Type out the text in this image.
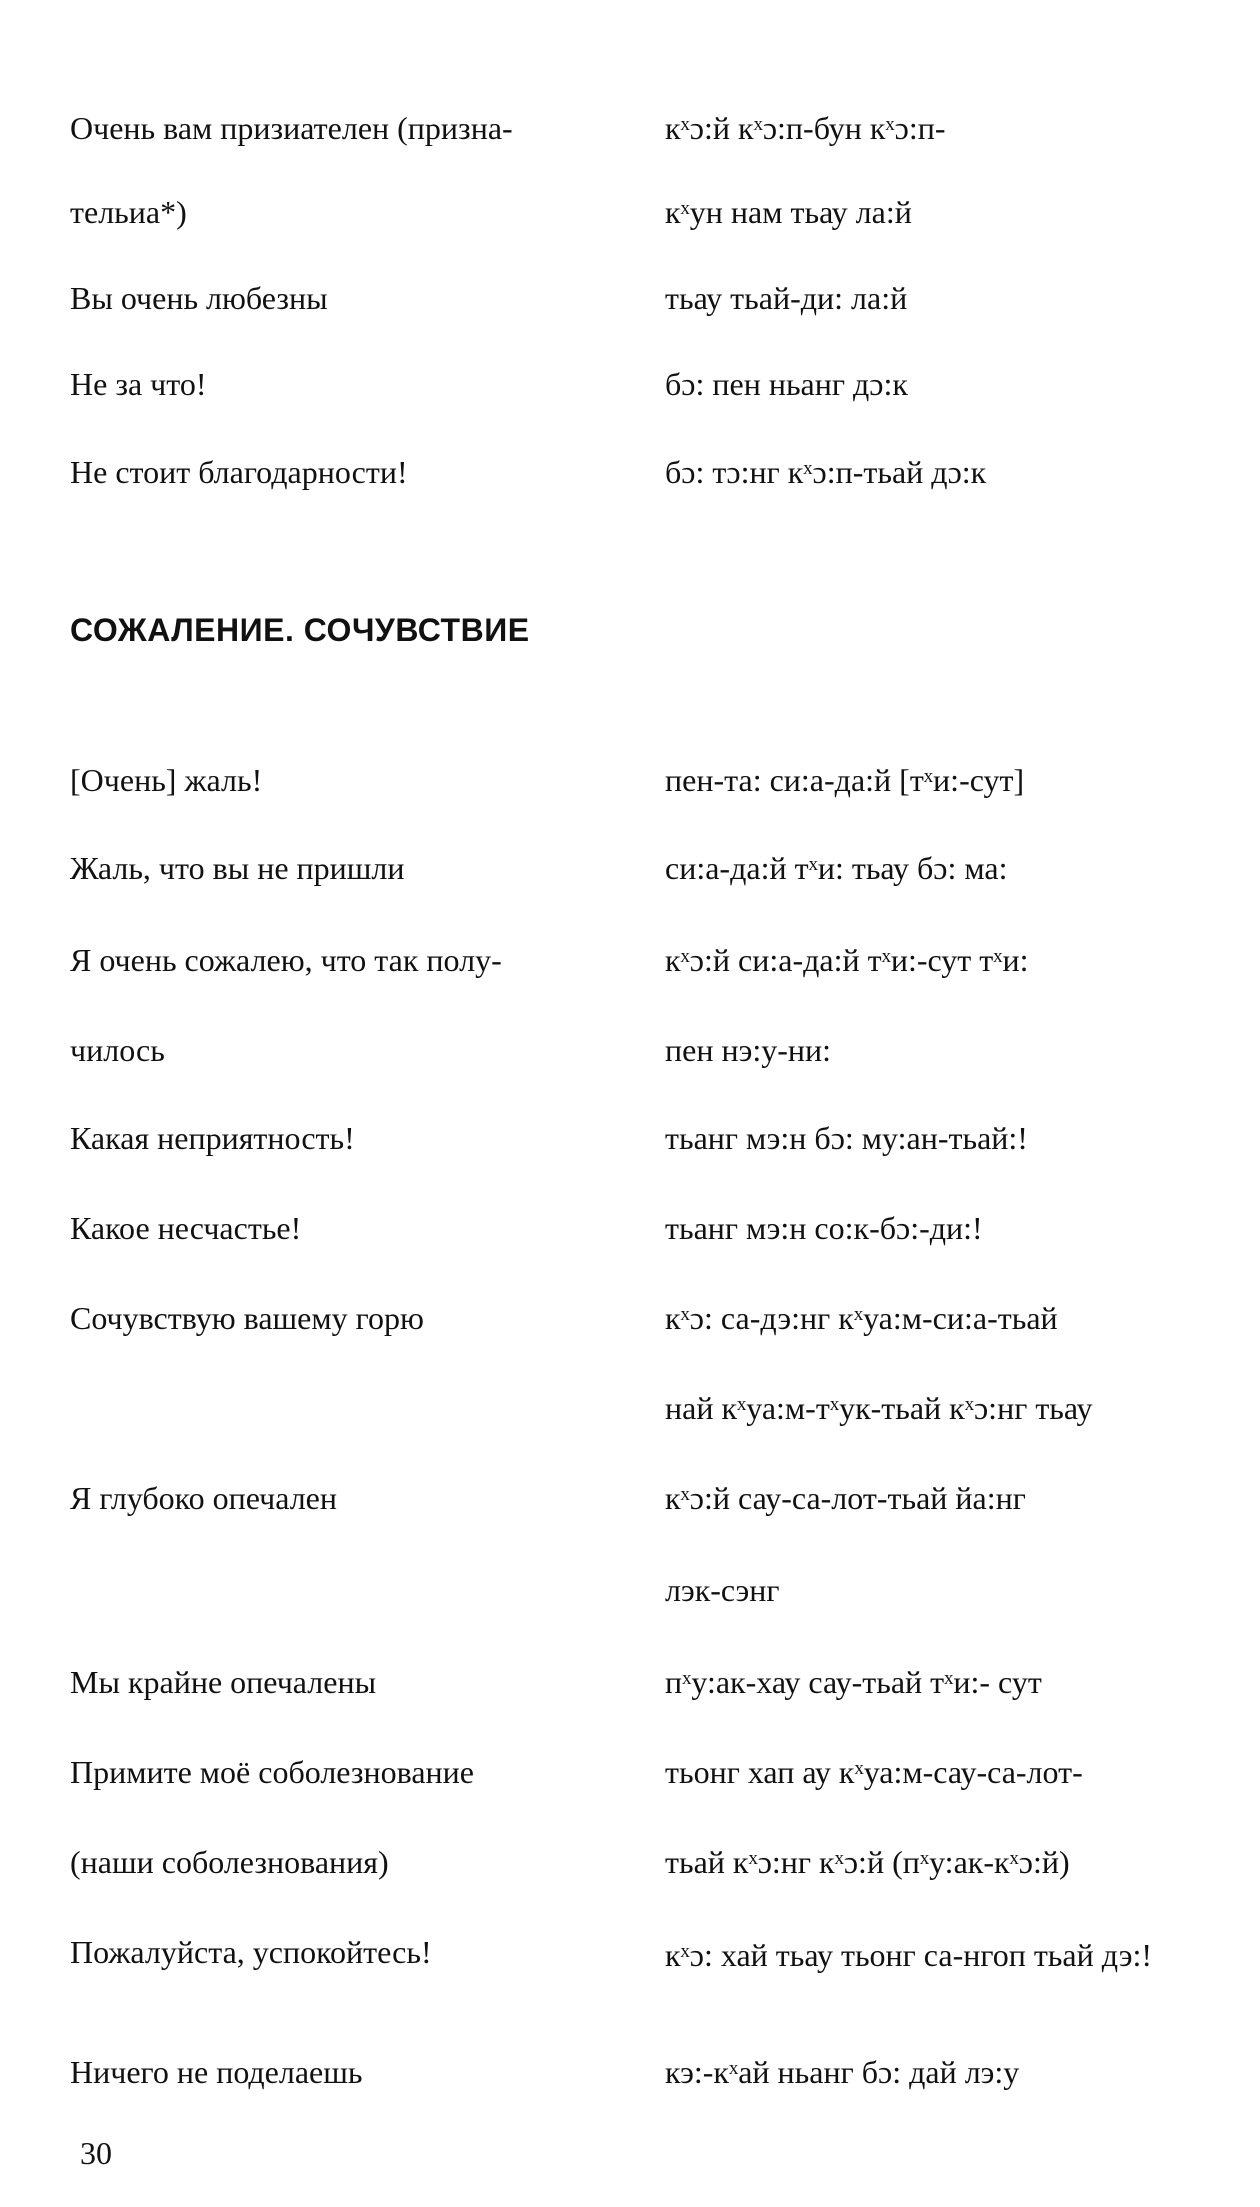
Очень вам призиателен (призна-	кˣɔ:й кˣɔ:п-бун кˣɔ:п-
тельиа*)	кˣун нам тьау ла:й
Вы очень любезны	тьау тьай-ди: ла:й
Не за что!	бɔ: пен ньанг дɔ:к
Не стоит благодарности!	бɔ: тɔ:нг кˣɔ:п-тьай дɔ:к
СОЖАЛЕНИЕ. СОЧУВСТВИЕ
[Очень] жаль!	пен-та: си:а-да:й [тˣи:-сут]
Жаль, что вы не пришли	си:а-да:й тˣи: тьау бɔ: ма:
Я очень сожалею, что так полу-	кˣɔ:й си:а-да:й тˣи:-сут тˣи:
чилось	пен нэ:у-ни:
Какая неприятность!	тьанг мэ:н бɔ: му:ан-тьай:!
Какое несчастье!	тьанг мэ:н со:к-бɔ:-ди:!
Сочувствую вашему горю	кˣɔ: са-дэ:нг кˣуа:м-си:а-тьай
най кˣуа:м-тˣук-тьай кˣɔ:нг тьау
Я глубоко опечален	кˣɔ:й сау-са-лот-тьай йа:нг
лэк-сэнг
Мы крайне опечалены	пˣу:ак-хау сау-тьай тˣи:- сут
Примите моё соболезнование	тьонг хап ау кˣуа:м-сау-са-лот-
(наши соболезнования)	тьай кˣɔ:нг кˣɔ:й (пˣу:ак-кˣɔ:й)
Пожалуйста, успокойтесь!	кˣɔ: хай тьау тьонг са-нгоп тьай дэ:!
Ничего не поделаешь	кэ:-кˣай ньанг бɔ: дай лэ:у
30
